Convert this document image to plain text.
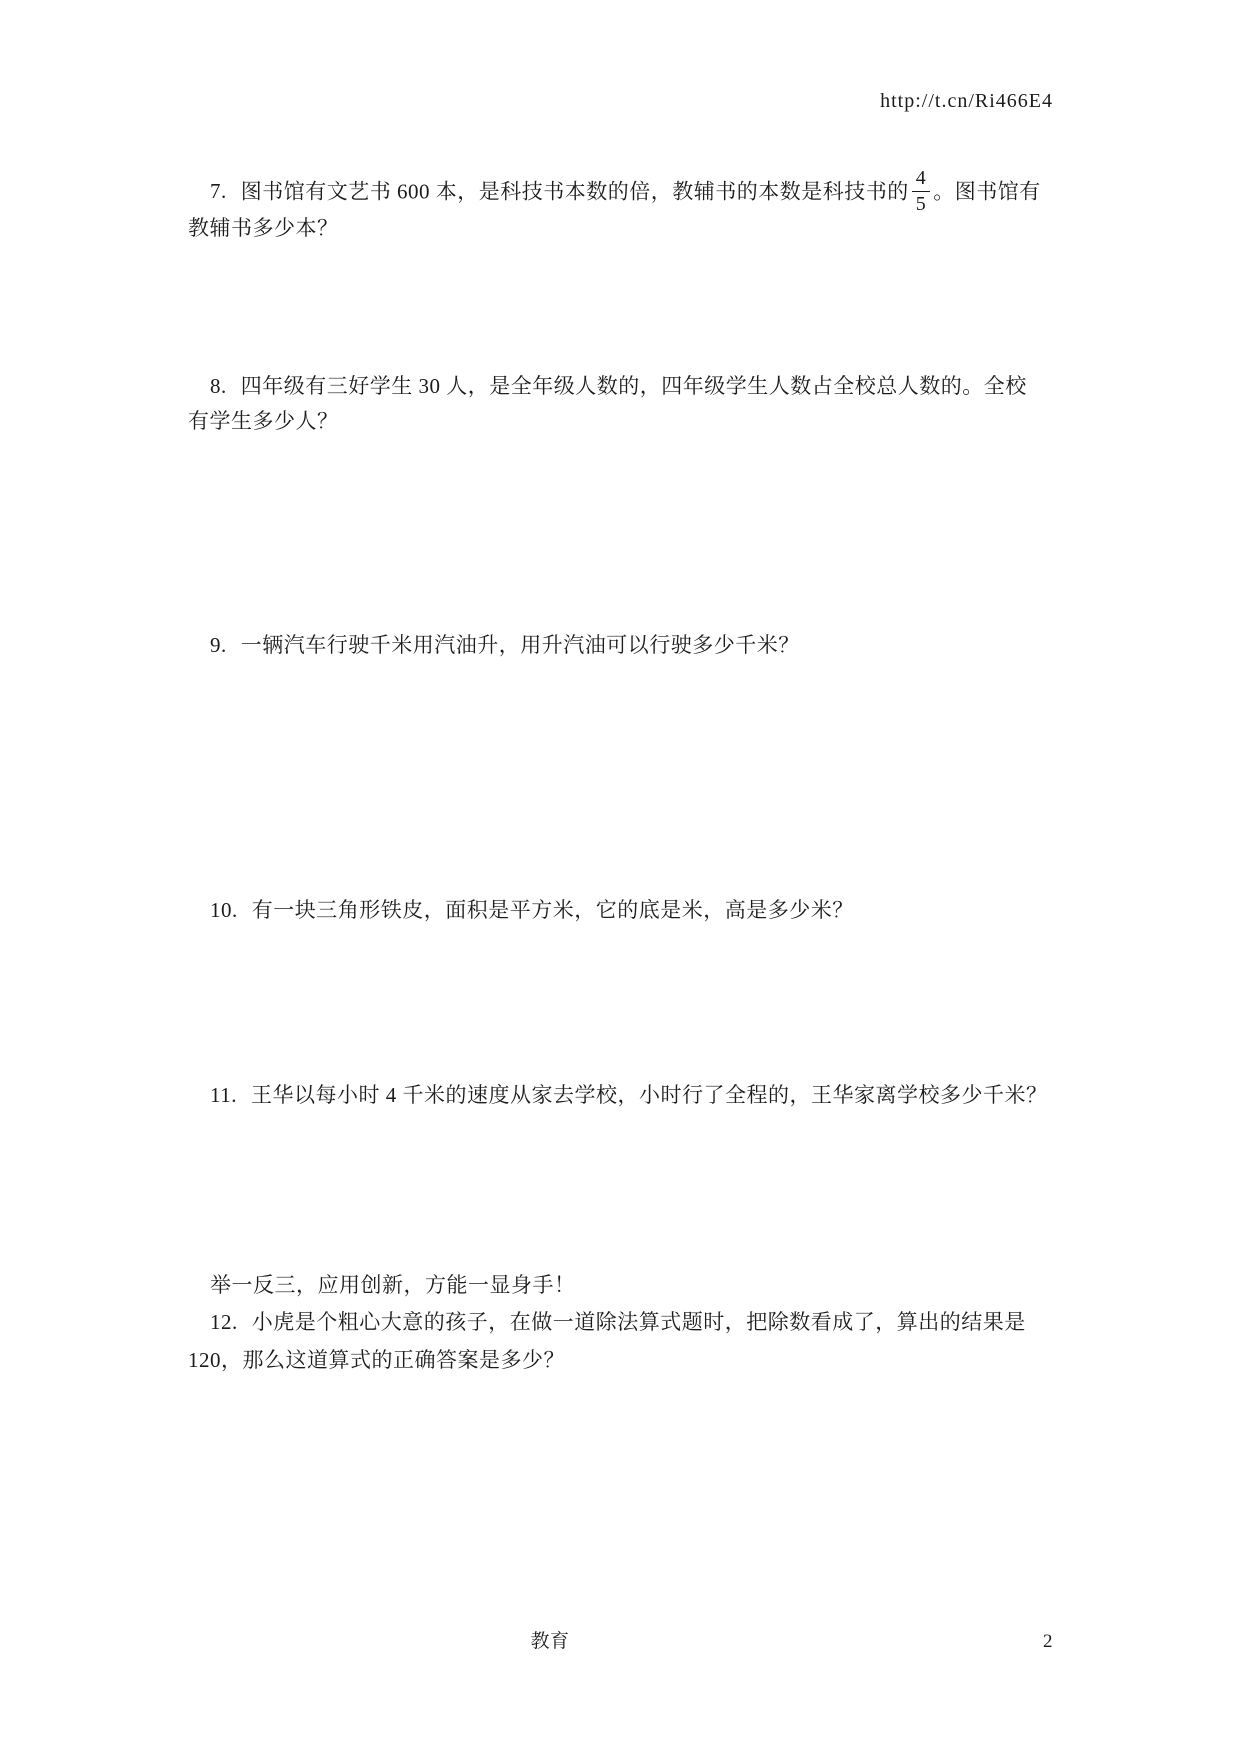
http://t.cn/Ri466E4
7. 图书馆有文艺书 600 本，是科技书本数的倍，教辅书的本数是科技书的 $\frac{4}{5}$ 。图书馆有
教辅书多少本？
8. 四年级有三好学生 30 人，是全年级人数的，四年级学生人数占全校总人数的。全校
有学生多少人？
9. 一辆汽车行驶千米用汽油升，用升汽油可以行驶多少千米？
10. 有一块三角形铁皮，面积是平方米，它的底是米，高是多少米？
11. 王华以每小时 4 千米的速度从家去学校，小时行了全程的，王华家离学校多少千米？
举一反三，应用创新，方能一显身手！
12. 小虎是个粗心大意的孩子，在做一道除法算式题时，把除数看成了，算出的结果是
120，那么这道算式的正确答案是多少？
教育	2
